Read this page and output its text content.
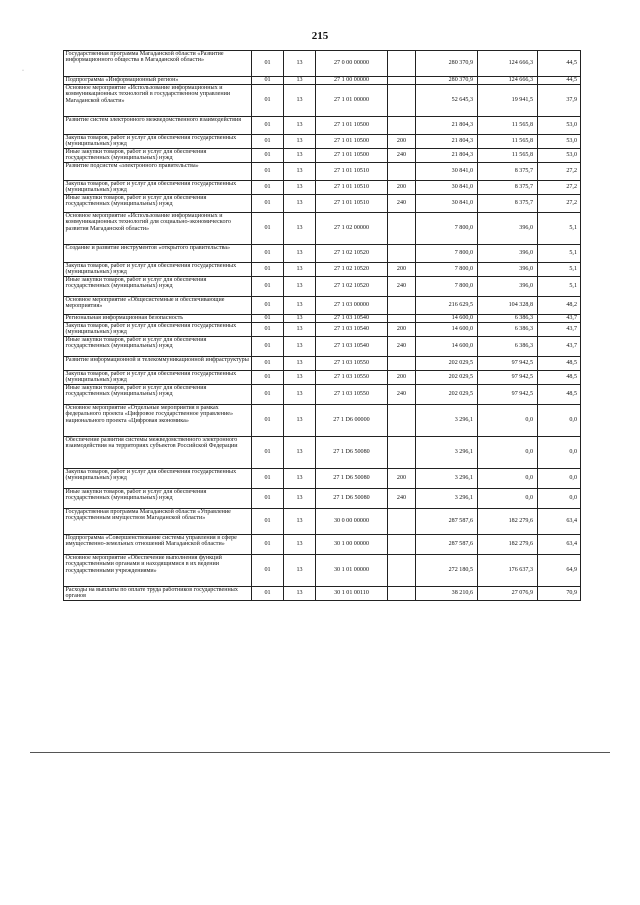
215
·
Государственная программа Магаданской области «Развитие информационного общества в Магаданской области»	01	13	27 0 00 00000		280 370,9	124 666,3	44,5
Подпрограмма «Информационный регион»	01	13	27 1 00 00000		280 370,9	124 666,3	44,5
Основное мероприятие «Использование информационных и коммуникационных технологий в государственном управлении Магаданской области»	01	13	27 1 01 00000		52 645,3	19 941,5	37,9
Развитие систем электронного межведомственного взаимодействия	01	13	27 1 01 10500		21 804,3	11 565,8	53,0
Закупка товаров, работ и услуг для обеспечения государственных (муниципальных) нужд	01	13	27 1 01 10500	200	21 804,3	11 565,8	53,0
Иные закупки товаров, работ и услуг для обеспечения государственных (муниципальных) нужд	01	13	27 1 01 10500	240	21 804,3	11 565,8	53,0
Развитие подсистем «электронного правительства»	01	13	27 1 01 10510		30 841,0	8 375,7	27,2
Закупка товаров, работ и услуг для обеспечения государственных (муниципальных) нужд	01	13	27 1 01 10510	200	30 841,0	8 375,7	27,2
Иные закупки товаров, работ и услуг для обеспечения государственных (муниципальных) нужд	01	13	27 1 01 10510	240	30 841,0	8 375,7	27,2
Основное мероприятие «Использование информационных и коммуникационных технологий для социально-экономического развития Магаданской области»	01	13	27 1 02 00000		7 800,0	396,0	5,1
Создание и развитие инструментов «открытого правительства»	01	13	27 1 02 10520		7 800,0	396,0	5,1
Закупка товаров, работ и услуг для обеспечения государственных (муниципальных) нужд	01	13	27 1 02 10520	200	7 800,0	396,0	5,1
Иные закупки товаров, работ и услуг для обеспечения государственных (муниципальных) нужд	01	13	27 1 02 10520	240	7 800,0	396,0	5,1
Основное мероприятие «Общесистемные и обеспечивающие мероприятия»	01	13	27 1 03 00000		216 629,5	104 328,8	48,2
Региональная информационная безопасность	01	13	27 1 03 10540		14 600,0	6 386,3	43,7
Закупка товаров, работ и услуг для обеспечения государственных (муниципальных) нужд	01	13	27 1 03 10540	200	14 600,0	6 386,3	43,7
Иные закупки товаров, работ и услуг для обеспечения государственных (муниципальных) нужд	01	13	27 1 03 10540	240	14 600,0	6 386,3	43,7
Развитие информационной и телекоммуникационной инфраструктуры	01	13	27 1 03 10550		202 029,5	97 942,5	48,5
Закупка товаров, работ и услуг для обеспечения государственных (муниципальных) нужд	01	13	27 1 03 10550	200	202 029,5	97 942,5	48,5
Иные закупки товаров, работ и услуг для обеспечения государственных (муниципальных) нужд	01	13	27 1 03 10550	240	202 029,5	97 942,5	48,5
Основное мероприятие «Отдельные мероприятия в рамках федерального проекта «Цифровое государственное управление» национального проекта «Цифровая экономика»	01	13	27 1 D6 00000		3 296,1	0,0	0,0
Обеспечение развития системы межведомственного электронного взаимодействия на территориях субъектов Российской Федерации	01	13	27 1 D6 50080		3 296,1	0,0	0,0
Закупка товаров, работ и услуг для обеспечения государственных (муниципальных) нужд	01	13	27 1 D6 50080	200	3 296,1	0,0	0,0
Иные закупки товаров, работ и услуг для обеспечения государственных (муниципальных) нужд	01	13	27 1 D6 50080	240	3 296,1	0,0	0,0
Государственная программа Магаданской области «Управление государственным имуществом Магаданской области»	01	13	30 0 00 00000		287 587,6	182 279,6	63,4
Подпрограмма «Совершенствование системы управления в сфере имущественно-земельных отношений Магаданской области»	01	13	30 1 00 00000		287 587,6	182 279,6	63,4
Основное мероприятие «Обеспечение выполнения функций государственными органами и находящимися в их ведении государственными учреждениями»	01	13	30 1 01 00000		272 180,5	176 637,3	64,9
Расходы на выплаты по оплате труда работников государственных органов	01	13	30 1 01 00110		38 210,6	27 076,9	70,9
